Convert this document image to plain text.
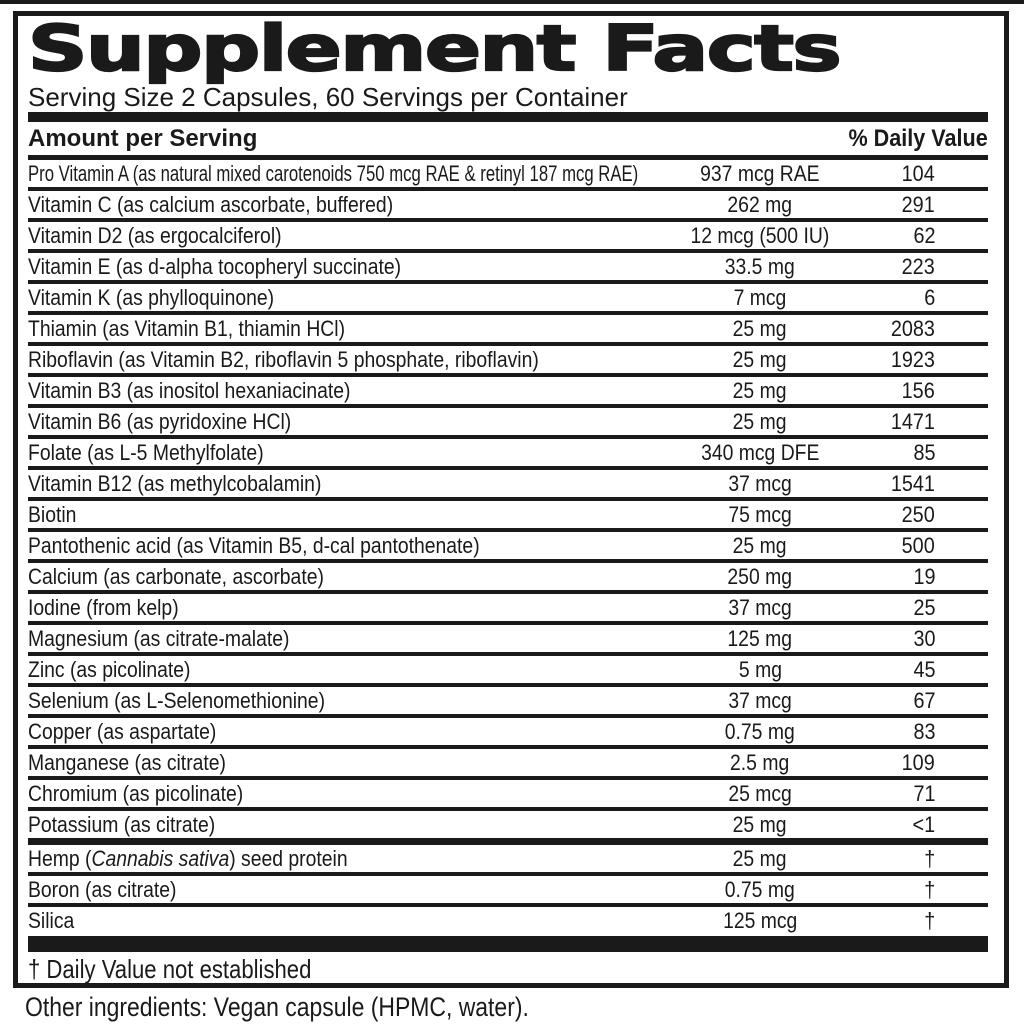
Supplement Facts
Serving Size 2 Capsules, 60 Servings per Container
Amount per Serving	% Daily Value
Pro Vitamin A (as natural mixed carotenoids 750 mcg RAE & retinyl 187 mcg RAE)	937 mcg RAE	104
Vitamin C (as calcium ascorbate, buffered)	262 mg	291
Vitamin D2 (as ergocalciferol)	12 mcg (500 IU)	62
Vitamin E (as d-alpha tocopheryl succinate)	33.5 mg	223
Vitamin K (as phylloquinone)	7 mcg	6
Thiamin (as Vitamin B1, thiamin HCl)	25 mg	2083
Riboflavin (as Vitamin B2, riboflavin 5 phosphate, riboflavin)	25 mg	1923
Vitamin B3 (as inositol hexaniacinate)	25 mg	156
Vitamin B6 (as pyridoxine HCl)	25 mg	1471
Folate (as L-5 Methylfolate)	340 mcg DFE	85
Vitamin B12 (as methylcobalamin)	37 mcg	1541
Biotin	75 mcg	250
Pantothenic acid (as Vitamin B5, d-cal pantothenate)	25 mg	500
Calcium (as carbonate, ascorbate)	250 mg	19
Iodine (from kelp)	37 mcg	25
Magnesium (as citrate-malate)	125 mg	30
Zinc (as picolinate)	5 mg	45
Selenium (as L-Selenomethionine)	37 mcg	67
Copper (as aspartate)	0.75 mg	83
Manganese (as citrate)	2.5 mg	109
Chromium (as picolinate)	25 mcg	71
Potassium (as citrate)	25 mg	<1
Hemp (Cannabis sativa) seed protein	25 mg	†
Boron (as citrate)	0.75 mg	†
Silica	125 mcg	†
† Daily Value not established
Other ingredients: Vegan capsule (HPMC, water).
